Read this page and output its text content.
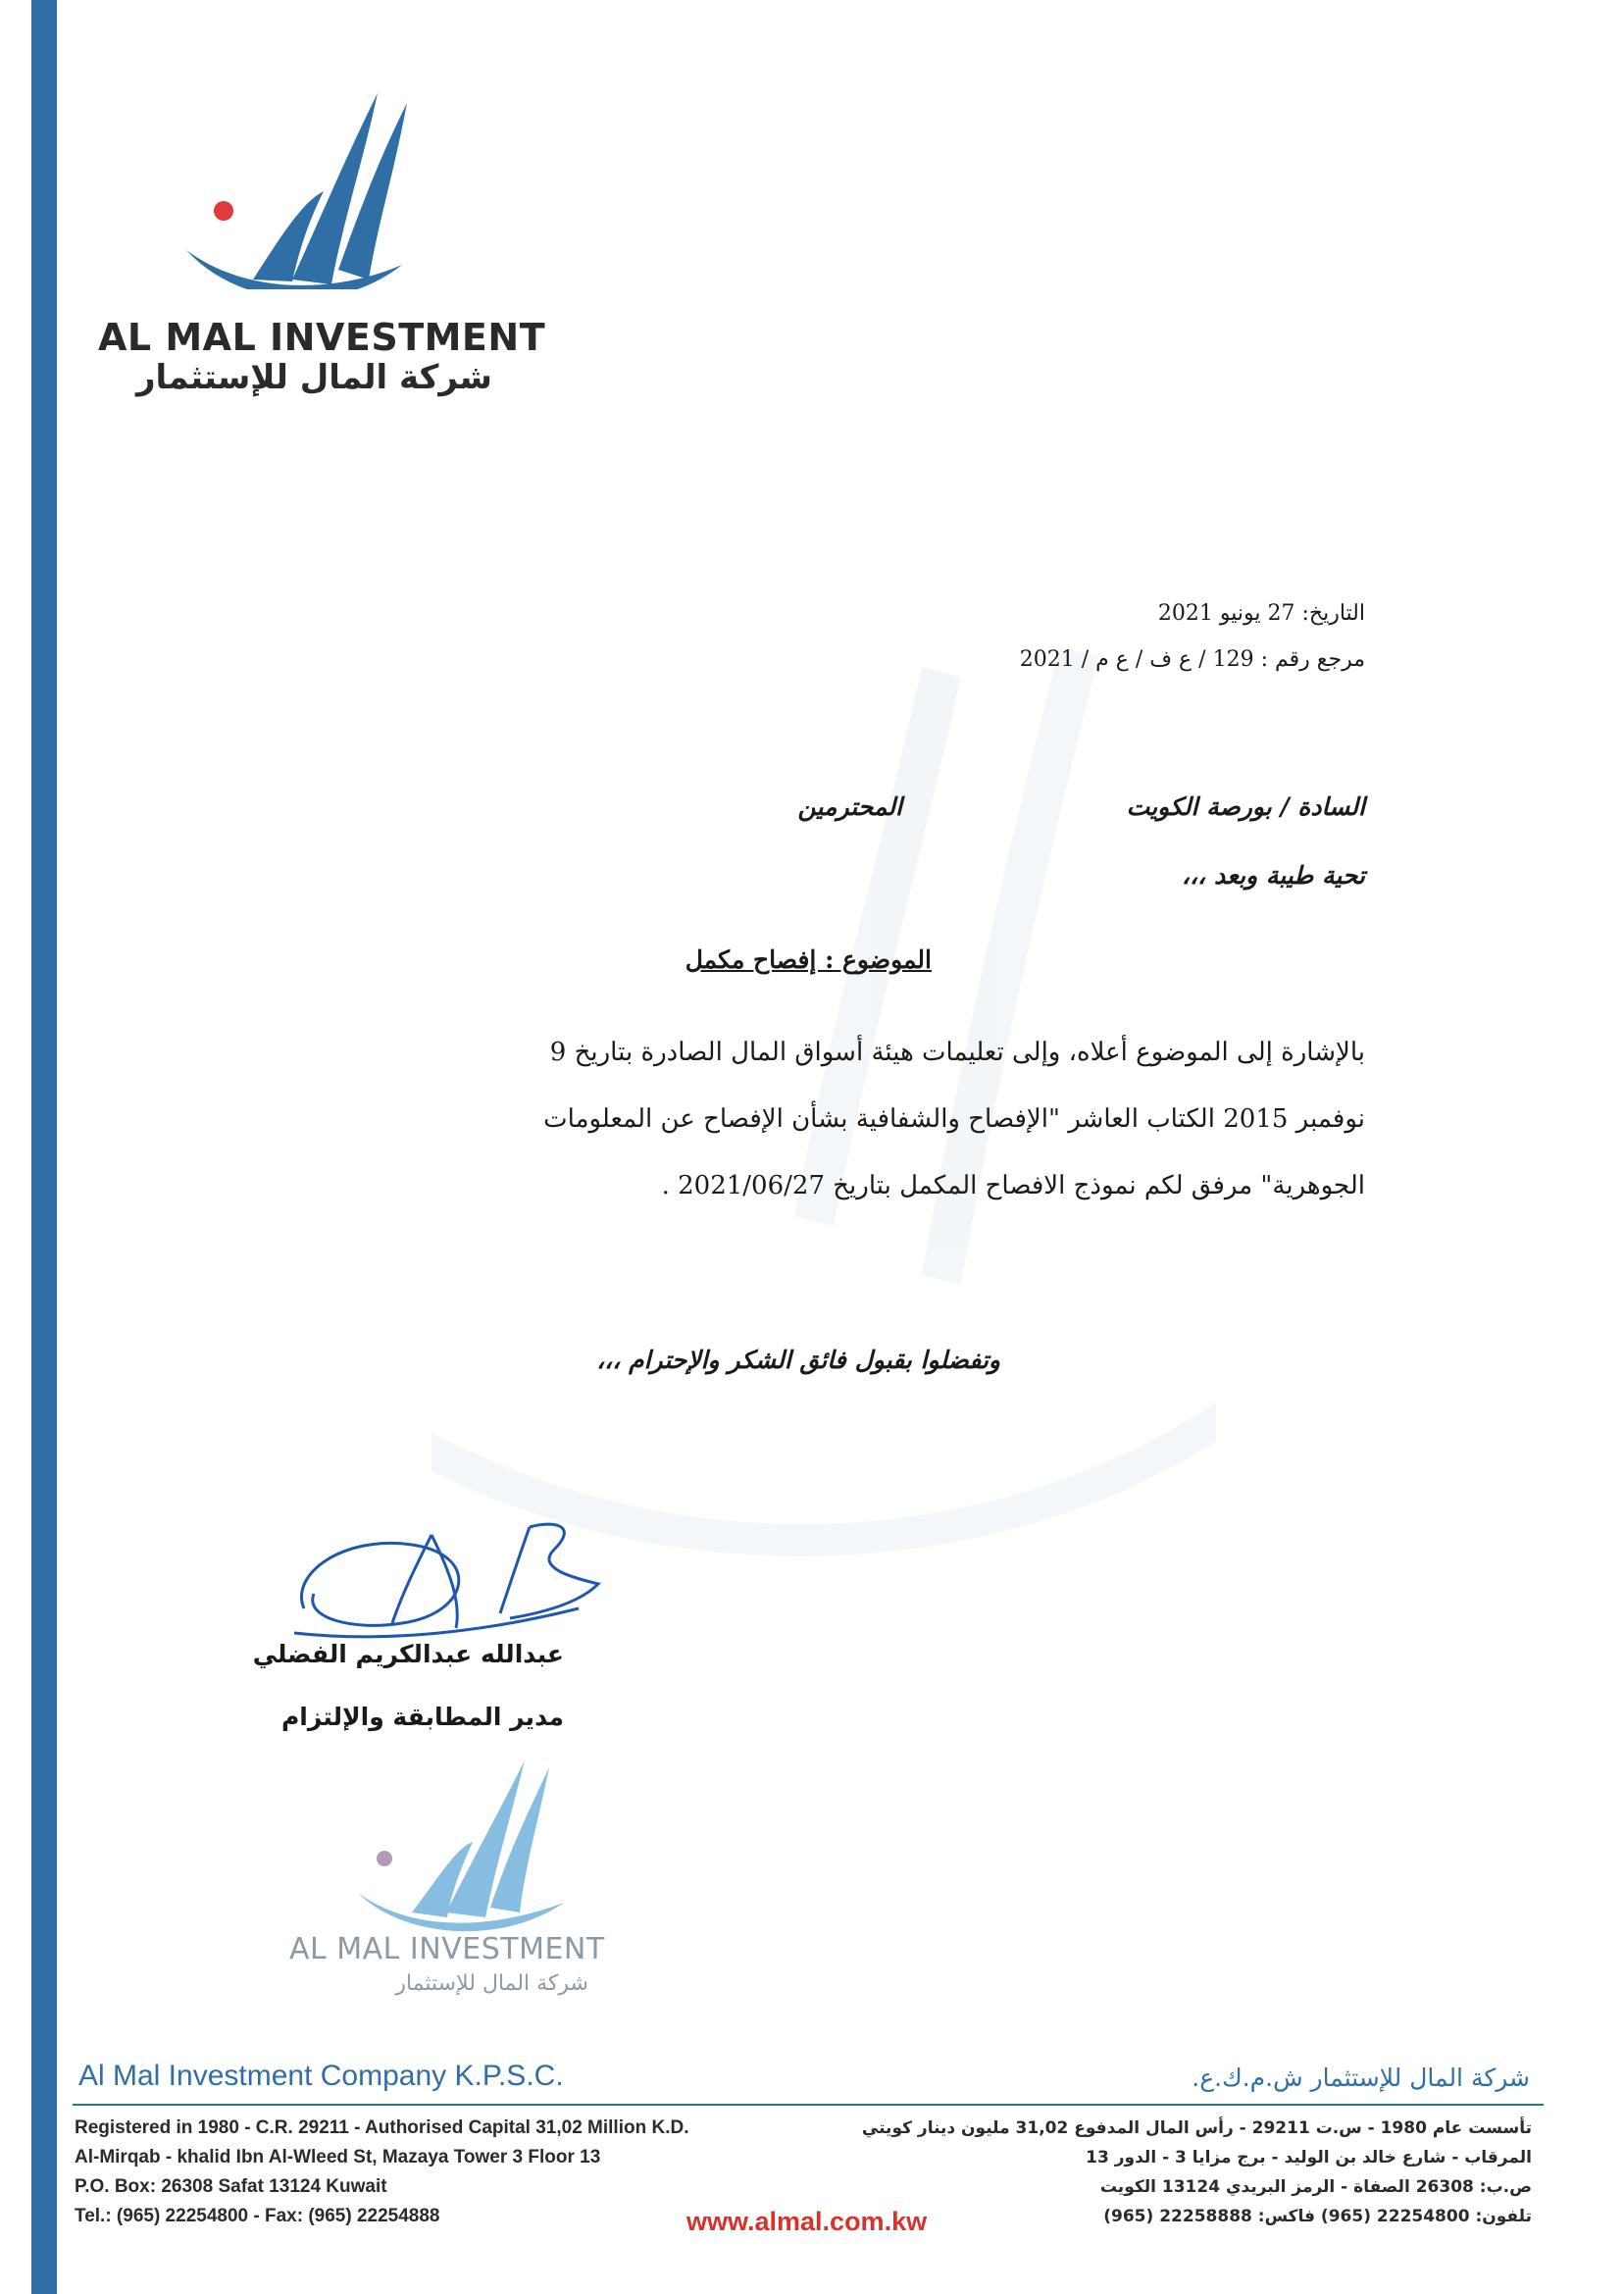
AL MAL INVESTMENT
شركة المال للإستثمار
التاريخ: 27 يونيو 2021
مرجع رقم : 129 / ع ف / ع م / 2021
السادة / بورصة الكويت
المحترمين
تحية طيبة وبعد ،،،
الموضوع : إفصاح مكمل
بالإشارة إلى الموضوع أعلاه، وإلى تعليمات هيئة أسواق المال الصادرة بتاريخ 9
نوفمبر 2015 الكتاب العاشر "الإفصاح والشفافية بشأن الإفصاح عن المعلومات
الجوهرية" مرفق لكم نموذج الافصاح المكمل بتاريخ 2021/06/27 .
وتفضلوا بقبول فائق الشكر والإحترام ،،،
عبدالله عبدالكريم الفضلي
مدير المطابقة والإلتزام
AL MAL INVESTMENT
شركة المال للإستثمار
Al Mal Investment Company K.P.S.C.	شركة المال للإستثمار ش.م.ك.ع.
Registered in 1980 - C.R. 29211 - Authorised Capital 31,02 Million K.D.
Al-Mirqab - khalid Ibn Al-Wleed St, Mazaya Tower 3 Floor 13
P.O. Box: 26308 Safat 13124 Kuwait
Tel.: (965) 22254800 - Fax: (965) 22254888
تأسست عام 1980 - س.ت 29211 - رأس المال المدفوع 31,02 مليون دينار كويتي
المرقاب - شارع خالد بن الوليد - برج مزايا 3 - الدور 13
ص.ب: 26308 الصفاة - الرمز البريدي 13124 الكويت
تلفون: 22254800 (965) فاكس: 22258888 (965)
www.almal.com.kw
